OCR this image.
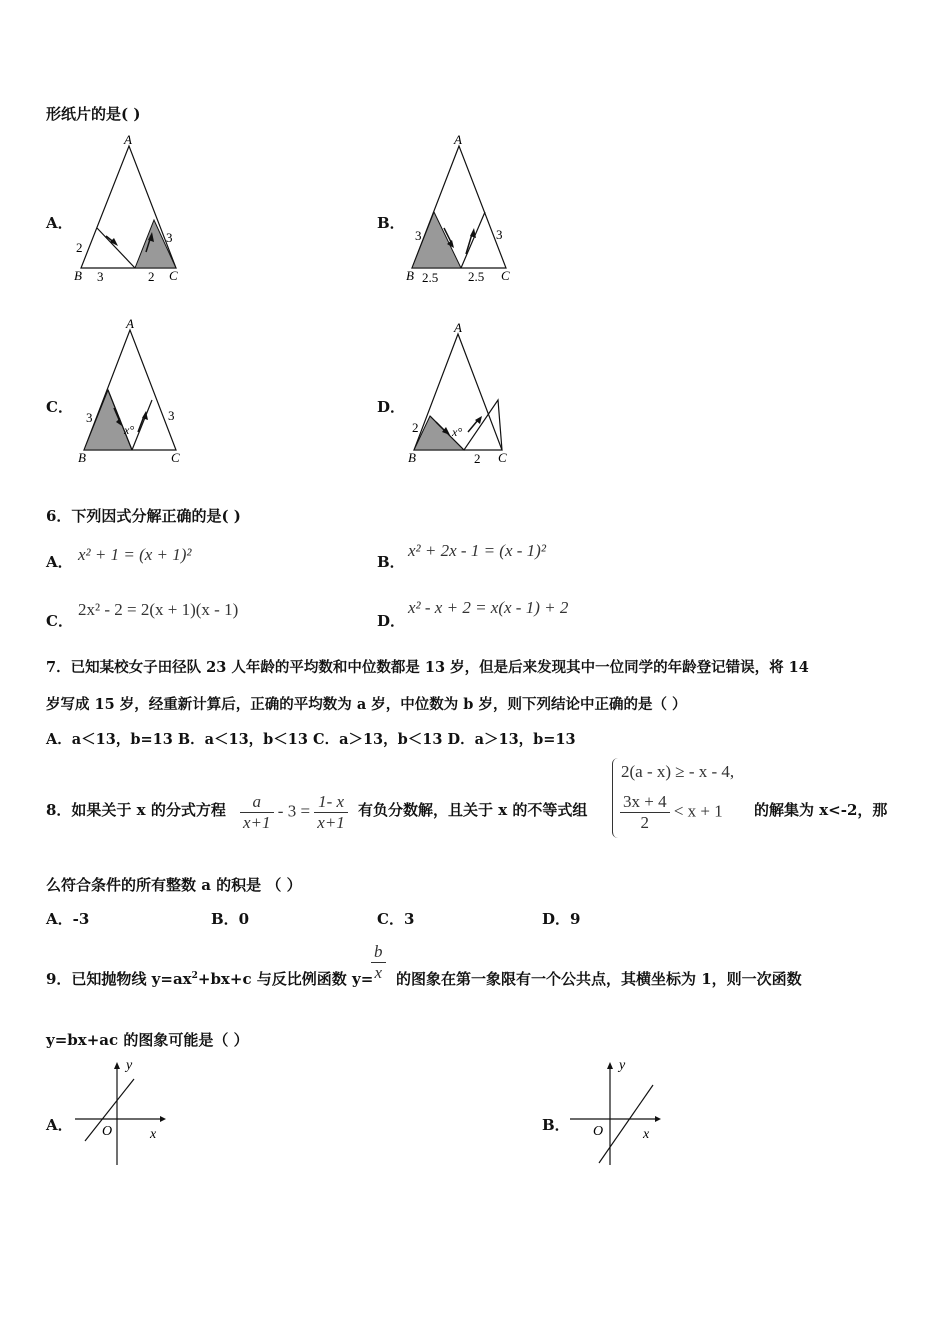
形纸片的是( )
A．
A
B	C
2
3	2
3
B．
A
B	C
3
2.5 2.5
3
C．
A
B	C
3
x°
3	D．
A
B	C
2	x°
2
6．下列因式分解正确的是( )
A． x² + 1 = (x + 1)²	B．
x² + 2x - 1 = (x - 1)²
C．
2x² - 2 = 2(x + 1)(x - 1)
D．
x² - x + 2 = x(x - 1) + 2
7．已知某校女子田径队 23 人年龄的平均数和中位数都是 13 岁，但是后来发现其中一位同学的年龄登记错误，将 14
岁写成 15 岁，经重新计算后，正确的平均数为 a 岁，中位数为 b 岁，则下列结论中正确的是（ ）
A．a＜13，b=13 B．a＜13，b＜13 C．a＞13，b＜13 D．a＞13，b=13
8．如果关于 x 的分式方程 $\frac{a}{x+1} - 3 = \frac{1- x}{x+1}$ 有负分数解，且关于 x 的不等式组
2(a - x) ≥ - x - 4,
$\frac{3x + 4}{2} < x + 1$ 的解集为 x<-2，那
么符合条件的所有整数 a 的积是 （ ）
A．-3	B．0	C．3	D．9
9．已知抛物线 $y=ax^2+bx+c$ 与反比例函数 y=
$\frac{b}{x}$ 的图象在第一象限有一个公共点，其横坐标为 1，则一次函数
y=bx+ac 的图象可能是（ ）
A．
y
x
O	B．
y
x
O
